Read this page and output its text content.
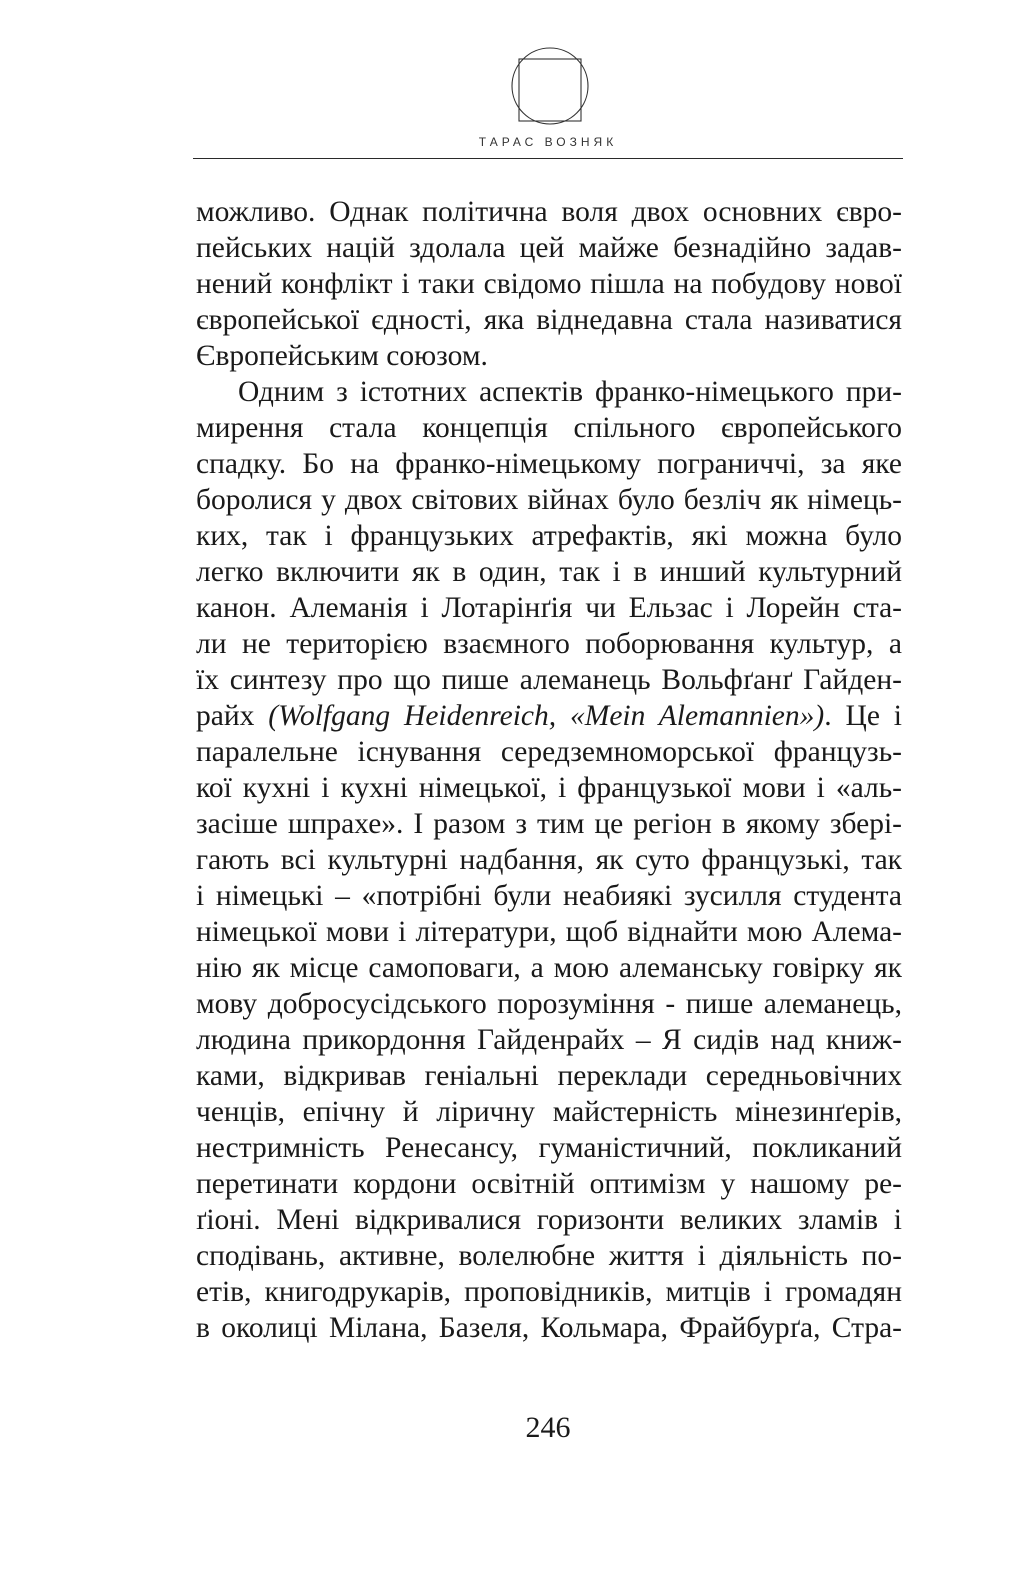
ТАРАС ВОЗНЯК
можливо. Однак політична воля двох основних євро-
пейських націй здолала цей майже безнадійно задав-
нений конфлікт і таки свідомо пішла на побудову нової
європейської єдності, яка віднедавна стала називатися
Європейським союзом.
Одним з істотних аспектів франко-німецького при-
мирення стала концепція спільного європейського
спадку. Бо на франко-німецькому пограниччі, за яке
боролися у двох світових війнах було безліч як німець-
ких, так і французьких атрефактів, які можна було
легко включити як в один, так і в инший культурний
канон. Алеманія і Лотарінґія чи Ельзас і Лорейн ста-
ли не територією взаємного поборювання культур, а
їх синтезу про що пише алеманець Вольфґанґ Гайден-
райх (Wolfgang Heidenreich, «Mein Alemannien»). Це і
паралельне існування середземноморської французь-
кої кухні і кухні німецької, і французької мови і «аль-
засіше шпрахе». І разом з тим це регіон в якому збері-
гають всі культурні надбання, як суто французькі, так
і німецькі – «потрібні були неабиякі зусилля студента
німецької мови і літератури, щоб віднайти мою Алема-
нію як місце самоповаги, а мою алеманську говірку як
мову добросусідського порозуміння - пише алеманець,
людина прикордоння Гайденрайх – Я сидів над книж-
ками, відкривав геніальні переклади середньовічних
ченців, епічну й ліричну майстерність мінезинґерів,
нестримність Ренесансу, гуманістичний, покликаний
перетинати кордони освітній оптимізм у нашому ре-
ґіоні. Мені відкривалися горизонти великих зламів і
сподівань, активне, волелюбне життя і діяльність по-
етів, книгодрукарів, проповідників, митців і громадян
в околиці Мілана, Базеля, Кольмара, Фрайбурґа, Стра-
246
